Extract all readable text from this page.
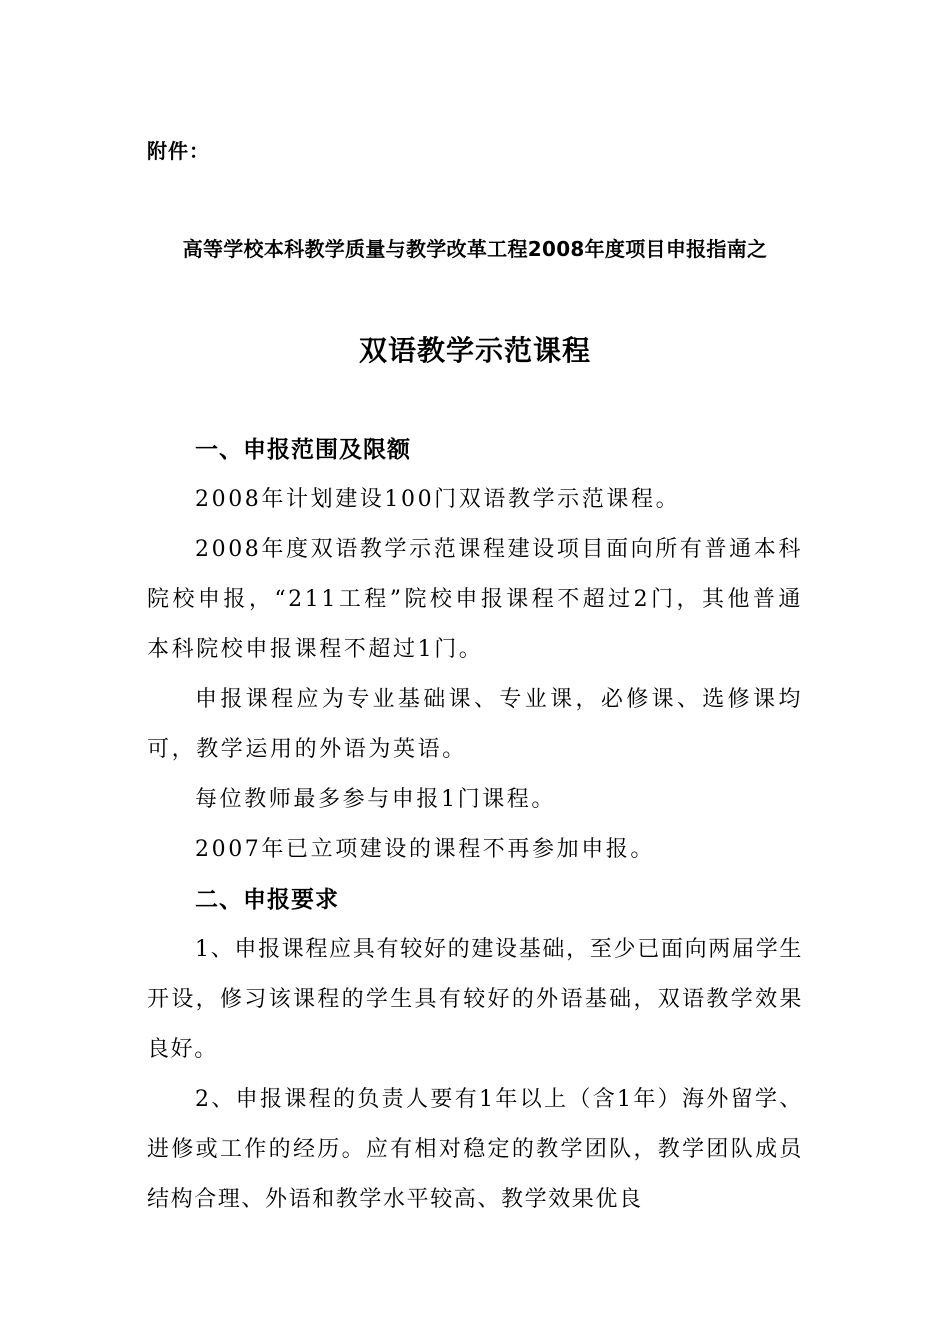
附件：
高等学校本科教学质量与教学改革工程2008年度项目申报指南之
双语教学示范课程

一、申报范围及限额

2008年计划建设100门双语教学示范课程。

2008年度双语教学示范课程建设项目面向所有普通本科院校申报，“211工程”院校申报课程不超过2门，其他普通本科院校申报课程不超过1门。

申报课程应为专业基础课、专业课，必修课、选修课均可，教学运用的外语为英语。

每位教师最多参与申报1门课程。

2007年已立项建设的课程不再参加申报。

二、申报要求

1、申报课程应具有较好的建设基础，至少已面向两届学生开设，修习该课程的学生具有较好的外语基础，双语教学效果良好。

2、申报课程的负责人要有1年以上（含1年）海外留学、进修或工作的经历。应有相对稳定的教学团队，教学团队成员结构合理、外语和教学水平较高、教学效果优良
